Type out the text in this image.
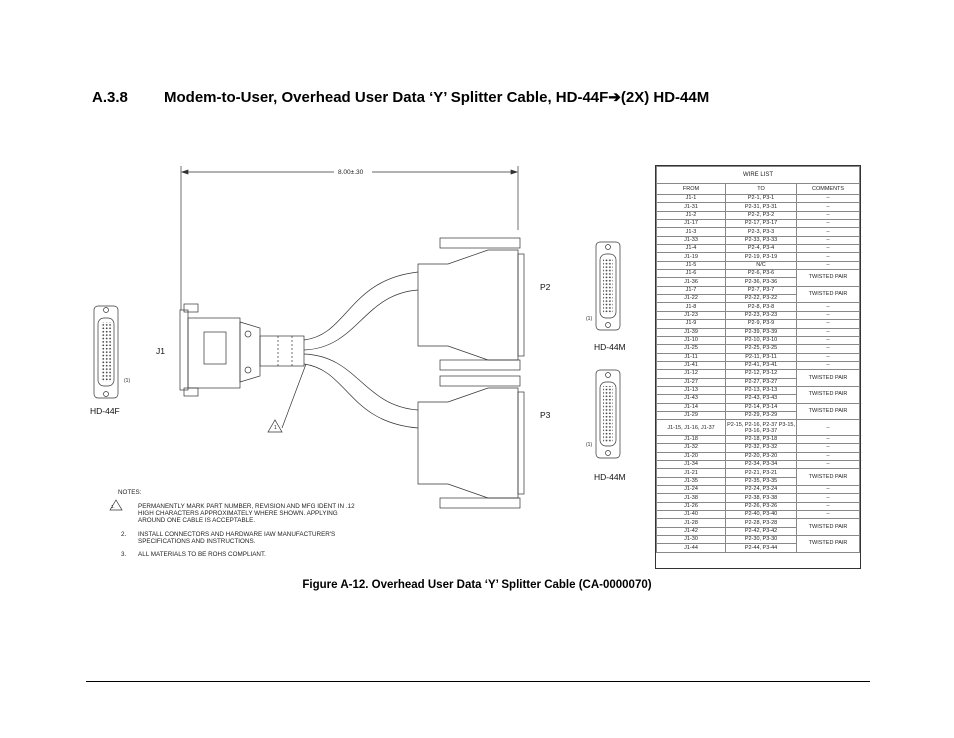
A.3.8 Modem-to-User, Overhead User Data ‘Y’ Splitter Cable, HD-44F➔(2X) HD-44M
8.00±.30
1
(1)
(1)
(1)
J1
HD-44F
P2
P3
HD-44M
HD-44M
NOTES:
1.	PERMANENTLY MARK PART NUMBER, REVISION AND MFG IDENT IN .12
HIGH CHARACTERS APPROXIMATELY WHERE SHOWN. APPLYING
AROUND ONE CABLE IS ACCEPTABLE.
2. INSTALL CONNECTORS AND HARDWARE IAW MANUFACTURER'S
SPECIFICATIONS AND INSTRUCTIONS.
3. ALL MATERIALS TO BE ROHS COMPLIANT.
WIRE LIST		
FROM	TO	COMMENTS
J1-1	P2-1, P3-1	–
J1-31	P2-31, P3-31	–
J1-2	P2-2, P3-2	–
J1-17	P2-17, P3-17	–
J1-3	P2-3, P3-3	–
J1-33	P2-33, P3-33	–
J1-4	P2-4, P3-4	–
J1-19	P2-19, P3-19	–
J1-5	N/C	–
J1-6	P2-6, P3-6	TWISTED PAIR
J1-36	P2-36, P3-36	
J1-7	P2-7, P3-7	TWISTED PAIR
J1-22	P2-22, P3-22	
J1-8	P2-8, P3-8	–
J1-23	P2-23, P3-23	–
J1-9	P2-9, P3-9	–
J1-39	P2-39, P3-39	–
J1-10	P2-10, P3-10	–
J1-25	P2-25, P3-25	–
J1-11	P2-11, P3-11	–
J1-41	P2-41, P3-41	–
J1-12	P2-12, P3-12	TWISTED PAIR
J1-27	P2-27, P3-27	
J1-13	P2-13, P3-13	TWISTED PAIR
J1-43	P2-43, P3-43	
J1-14	P2-14, P3-14	TWISTED PAIR
J1-29	P2-29, P3-29	
J1-15, J1-16, J1-37	P2-15, P2-16, P2-37 P3-15, P3-16, P3-37	–
J1-18	P2-18, P3-18	–
J1-32	P2-32, P3-32	–
J1-20	P2-20, P3-20	–
J1-34	P2-34, P3-34	–
J1-21	P2-21, P3-21	TWISTED PAIR
J1-35	P2-35, P3-35	
J1-24	P2-24, P3-24	–
J1-38	P2-38, P3-38	–
J1-26	P2-26, P3-26	–
J1-40	P2-40, P3-40	–
J1-28	P2-28, P3-28	TWISTED PAIR
J1-42	P2-42, P3-42	
J1-30	P2-30, P3-30	TWISTED PAIR
J1-44	P2-44, P3-44	
Figure A-12. Overhead User Data ‘Y’ Splitter Cable (CA-0000070)
